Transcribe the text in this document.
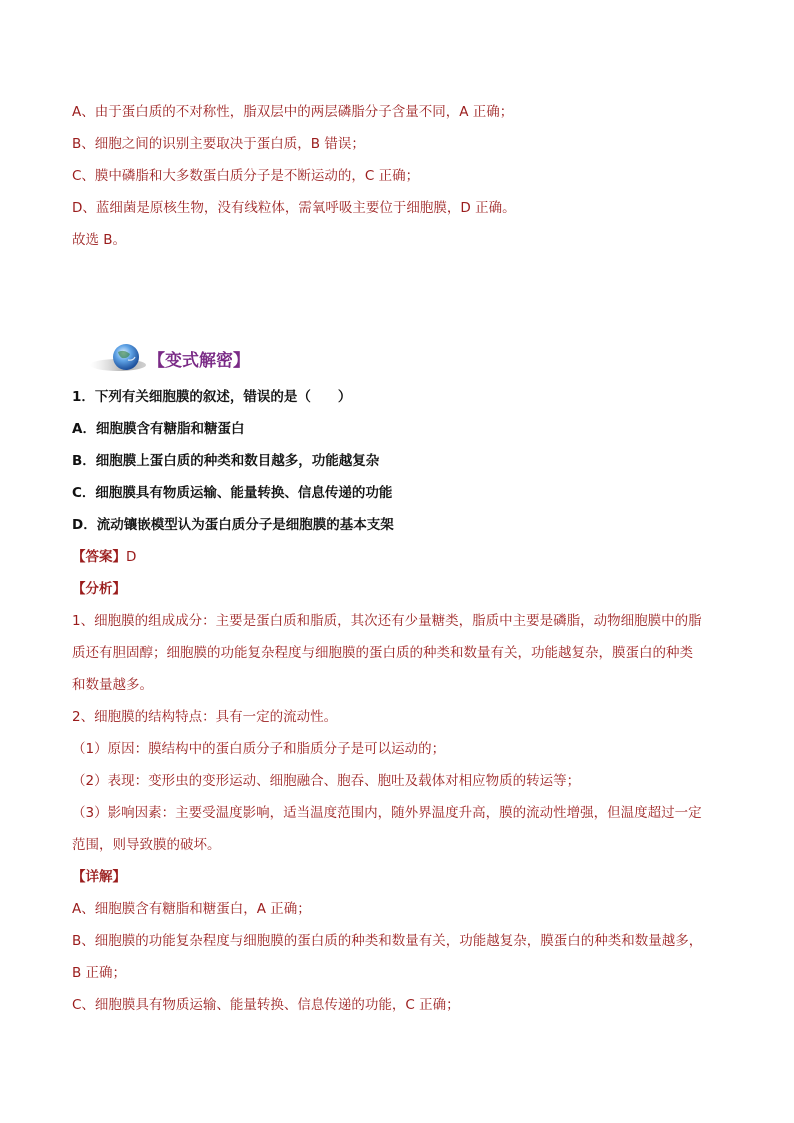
A、由于蛋白质的不对称性，脂双层中的两层磷脂分子含量不同，A 正确；
B、细胞之间的识别主要取决于蛋白质，B 错误；
C、膜中磷脂和大多数蛋白质分子是不断运动的，C 正确；
D、蓝细菌是原核生物，没有线粒体，需氧呼吸主要位于细胞膜，D 正确。
故选 B。
【变式解密】
1．下列有关细胞膜的叙述，错误的是（　　）
A．细胞膜含有糖脂和糖蛋白
B．细胞膜上蛋白质的种类和数目越多，功能越复杂
C．细胞膜具有物质运输、能量转换、信息传递的功能
D．流动镶嵌模型认为蛋白质分子是细胞膜的基本支架
【答案】D
【分析】
1、细胞膜的组成成分：主要是蛋白质和脂质，其次还有少量糖类，脂质中主要是磷脂，动物细胞膜中的脂
质还有胆固醇；细胞膜的功能复杂程度与细胞膜的蛋白质的种类和数量有关，功能越复杂，膜蛋白的种类
和数量越多。
2、细胞膜的结构特点：具有一定的流动性。
（1）原因：膜结构中的蛋白质分子和脂质分子是可以运动的；
（2）表现：变形虫的变形运动、细胞融合、胞吞、胞吐及载体对相应物质的转运等；
（3）影响因素：主要受温度影响，适当温度范围内，随外界温度升高，膜的流动性增强，但温度超过一定
范围，则导致膜的破坏。
【详解】
A、细胞膜含有糖脂和糖蛋白，A 正确；
B、细胞膜的功能复杂程度与细胞膜的蛋白质的种类和数量有关，功能越复杂，膜蛋白的种类和数量越多，
B 正确；
C、细胞膜具有物质运输、能量转换、信息传递的功能，C 正确；
